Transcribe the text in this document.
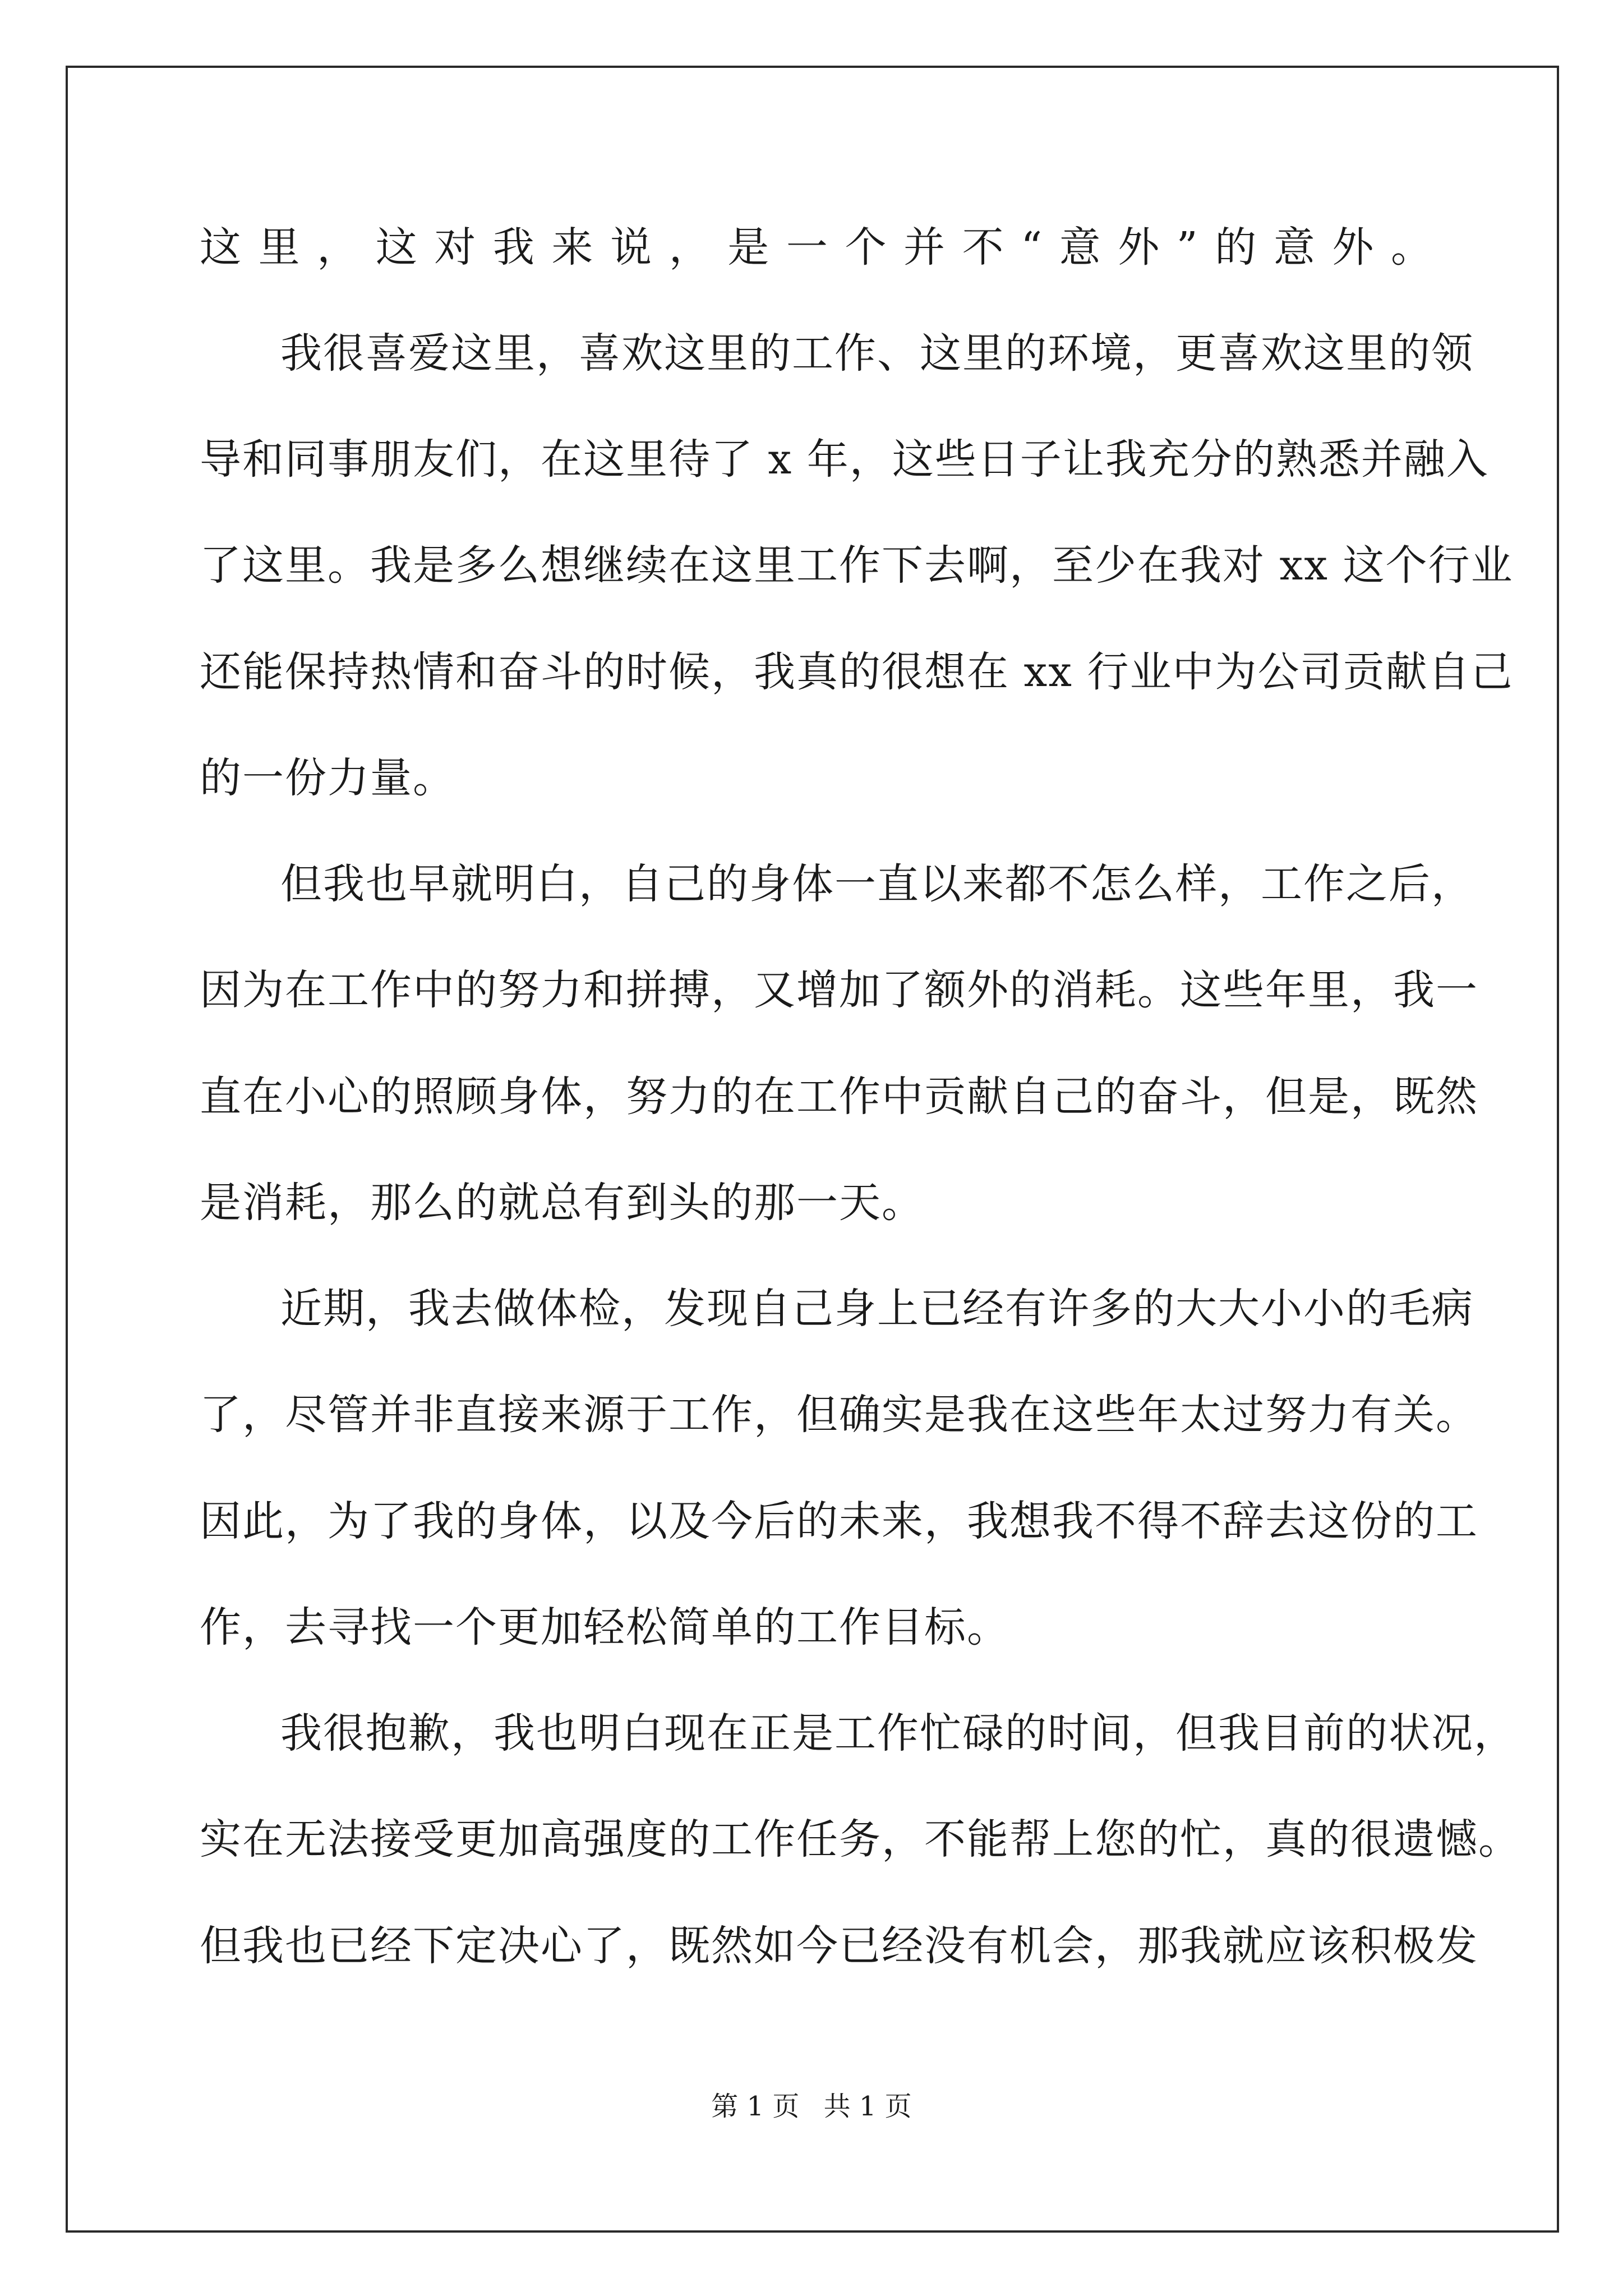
这里，这对我来说，是一个并不“意外”的意外。
我很喜爱这里，喜欢这里的工作、这里的环境，更喜欢这里的领
导和同事朋友们，在这里待了 x 年，这些日子让我充分的熟悉并融入
了这里。我是多么想继续在这里工作下去啊，至少在我对 xx 这个行业
还能保持热情和奋斗的时候，我真的很想在 xx 行业中为公司贡献自己
的一份力量。
但我也早就明白，自己的身体一直以来都不怎么样，工作之后，
因为在工作中的努力和拼搏，又增加了额外的消耗。这些年里，我一
直在小心的照顾身体，努力的在工作中贡献自己的奋斗，但是，既然
是消耗，那么的就总有到头的那一天。
近期，我去做体检，发现自己身上已经有许多的大大小小的毛病
了，尽管并非直接来源于工作，但确实是我在这些年太过努力有关。
因此，为了我的身体，以及今后的未来，我想我不得不辞去这份的工
作，去寻找一个更加轻松简单的工作目标。
我很抱歉，我也明白现在正是工作忙碌的时间，但我目前的状况，
实在无法接受更加高强度的工作任务，不能帮上您的忙，真的很遗憾。
但我也已经下定决心了，既然如今已经没有机会，那我就应该积极发
第 1 页 共 1 页
